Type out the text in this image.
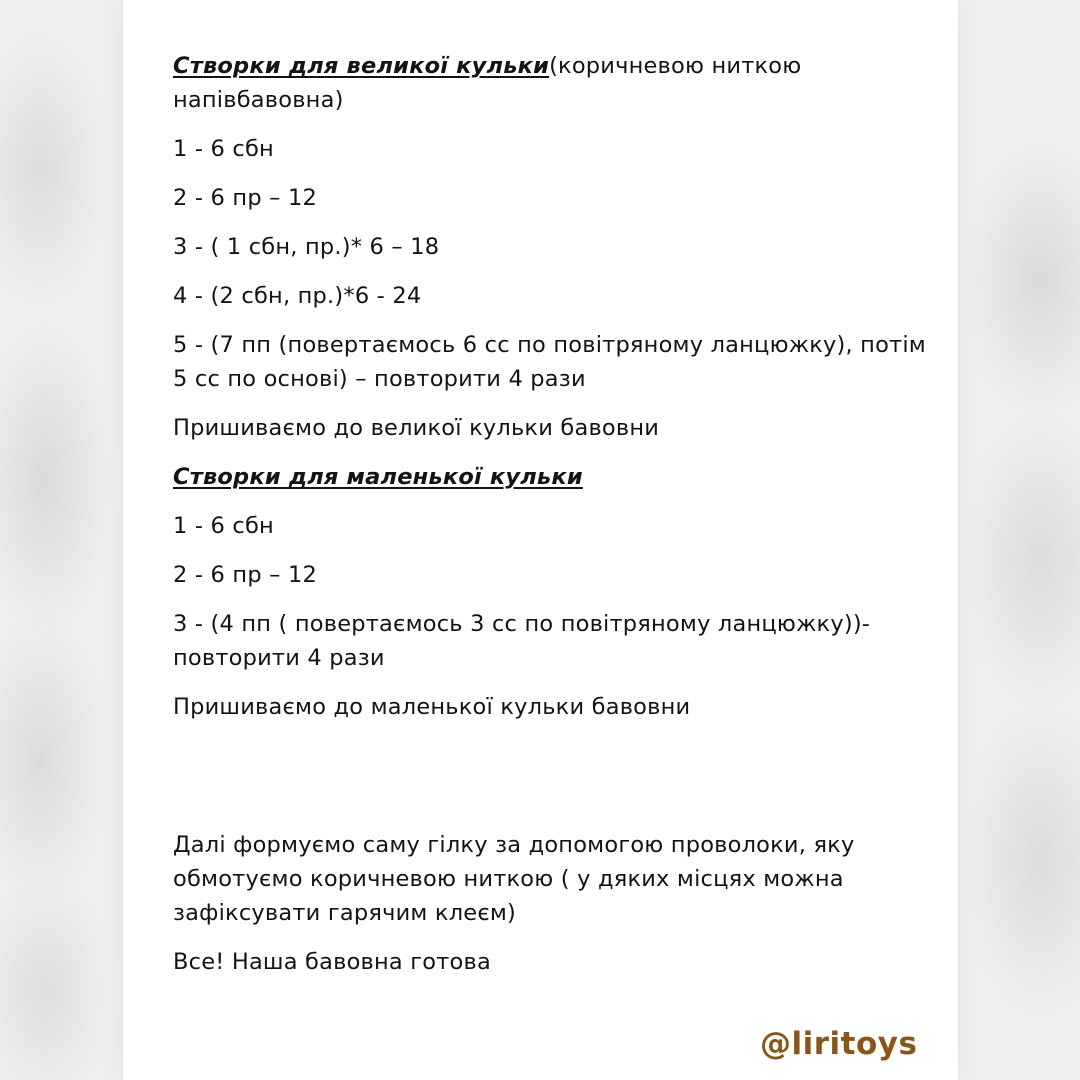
Створки для великої кульки(коричневою ниткою напівбавовна)

1 - 6 сбн

2 - 6 пр – 12

3 - ( 1 сбн, пр.)* 6 – 18

4 - (2 сбн, пр.)*6 - 24

5 - (7 пп (повертаємось 6 сс по повітряному ланцюжку), потім 5 сс по основі) – повторити 4 рази

Пришиваємо до великої кульки бавовни

Створки для маленької кульки

1 - 6 сбн

2 - 6 пр – 12

3 - (4 пп ( повертаємось 3 сс по повітряному ланцюжку))- повторити 4 рази

Пришиваємо до маленької кульки бавовни

Далі формуємо саму гілку за допомогою проволоки, яку обмотуємо коричневою ниткою ( у дяких місцях можна зафіксувати гарячим клеєм)

Все! Наша бавовна готова

@liritoys
